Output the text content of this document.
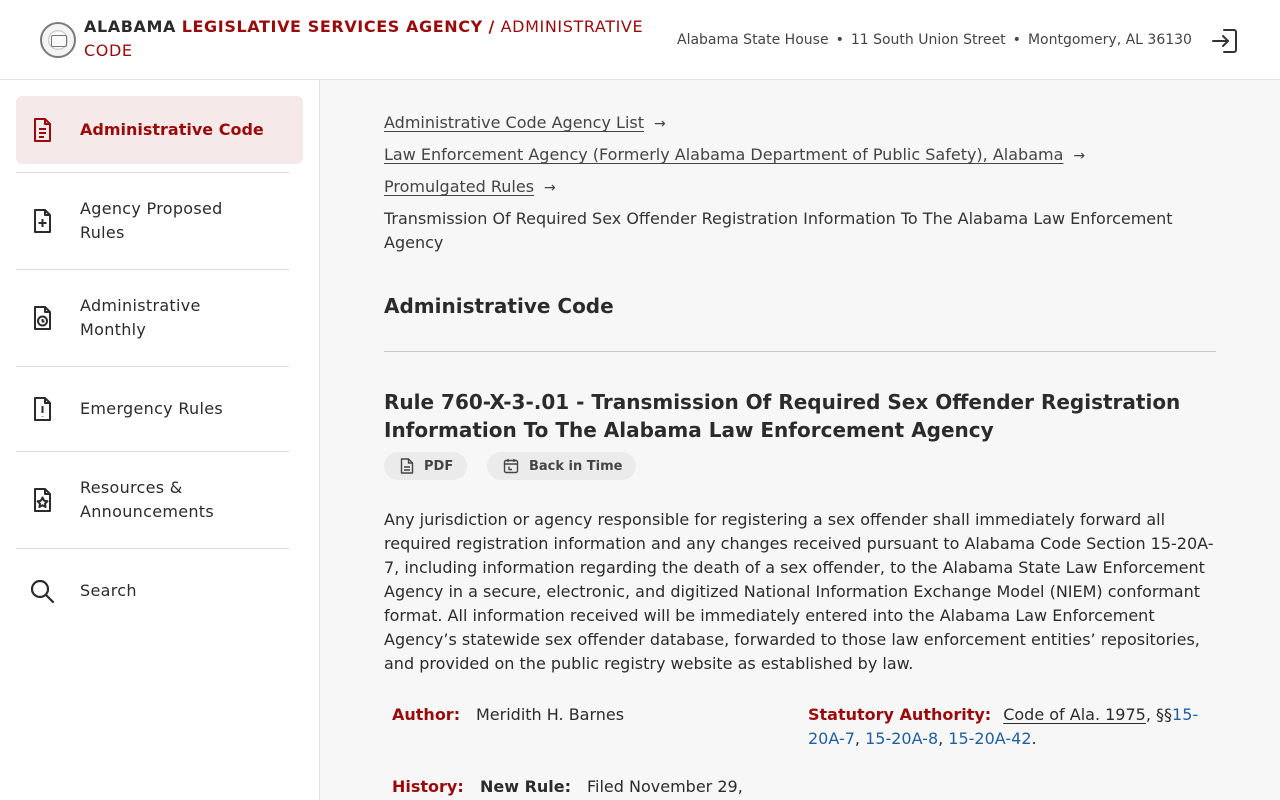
ALABAMA LEGISLATIVE SERVICES AGENCY / ADMINISTRATIVE CODE
Alabama State House • 11 South Union Street • Montgomery, AL 36130
Administrative Code
Agency Proposed Rules
Administrative Monthly
Emergency Rules
Resources & Announcements
Search
Administrative Code Agency List →
Law Enforcement Agency (Formerly Alabama Department of Public Safety), Alabama →
Promulgated Rules →
Transmission Of Required Sex Offender Registration Information To The Alabama Law Enforcement Agency
Administrative Code
Rule 760-X-3-.01 - Transmission Of Required Sex Offender Registration Information To The Alabama Law Enforcement Agency
PDF	Back in Time
Any jurisdiction or agency responsible for registering a sex offender shall immediately forward all required registration information and any changes received pursuant to Alabama Code Section 15-20A-7, including information regarding the death of a sex offender, to the Alabama State Law Enforcement Agency in a secure, electronic, and digitized National Information Exchange Model (NIEM) conformant format. All information received will be immediately entered into the Alabama Law Enforcement Agency’s statewide sex offender database, forwarded to those law enforcement entities’ repositories, and provided on the public registry website as established by law.
Author: Meridith H. Barnes	Statutory Authority: Code of Ala. 1975, §§15-20A-7, 15-20A-8, 15-20A-42.
History: New Rule: Filed November 29,
